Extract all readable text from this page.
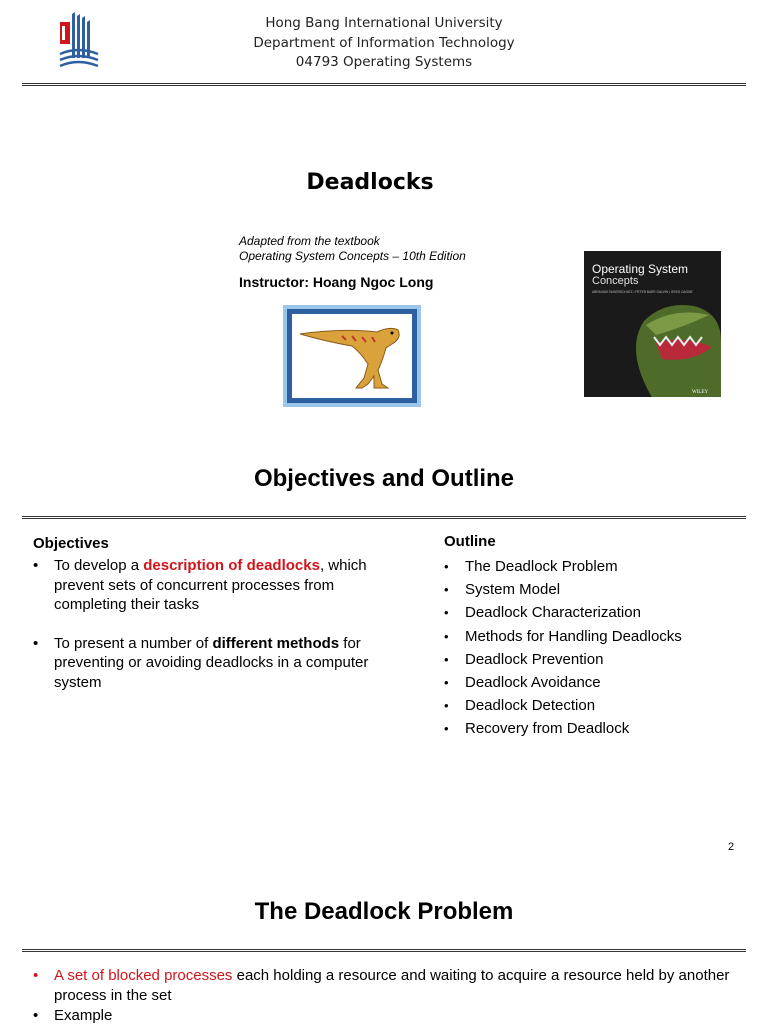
Hong Bang International University
Department of Information Technology
04793 Operating Systems
Deadlocks
Adapted from the textbook
Operating System Concepts – 10th Edition
Instructor: Hoang Ngoc Long
Operating System
Concepts
ABRAHAM SILBERSCHATZ • PETER BAER GALVIN • GREG GAGNE
WILEY
Objectives and Outline
Objectives
• To develop a description of deadlocks, which prevent sets of concurrent processes from completing their tasks
• To present a number of different methods for preventing or avoiding deadlocks in a computer system
Outline
• The Deadlock Problem
• System Model
• Deadlock Characterization
• Methods for Handling Deadlocks
• Deadlock Prevention
• Deadlock Avoidance
• Deadlock Detection
• Recovery from Deadlock
2
The Deadlock Problem
• A set of blocked processes each holding a resource and waiting to acquire a resource held by another process in the set
• Example
